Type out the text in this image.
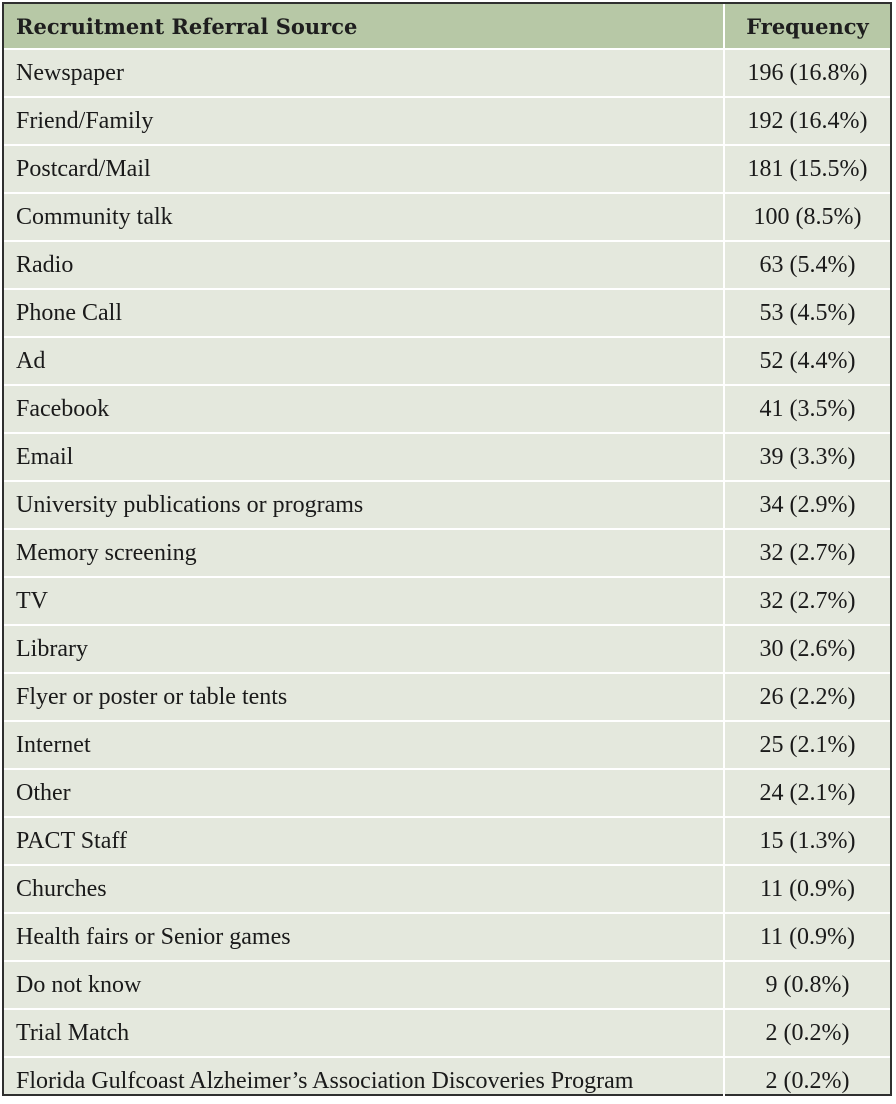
Recruitment Referral Source	Frequency
Newspaper	196 (16.8%)
Friend/Family	192 (16.4%)
Postcard/Mail	181 (15.5%)
Community talk	100 (8.5%)
Radio	63 (5.4%)
Phone Call	53 (4.5%)
Ad	52 (4.4%)
Facebook	41 (3.5%)
Email	39 (3.3%)
University publications or programs	34 (2.9%)
Memory screening	32 (2.7%)
TV	32 (2.7%)
Library	30 (2.6%)
Flyer or poster or table tents	26 (2.2%)
Internet	25 (2.1%)
Other	24 (2.1%)
PACT Staff	15 (1.3%)
Churches	11 (0.9%)
Health fairs or Senior games	11 (0.9%)
Do not know	9 (0.8%)
Trial Match	2 (0.2%)
Florida Gulfcoast Alzheimer’s Association Discoveries Program	2 (0.2%)
